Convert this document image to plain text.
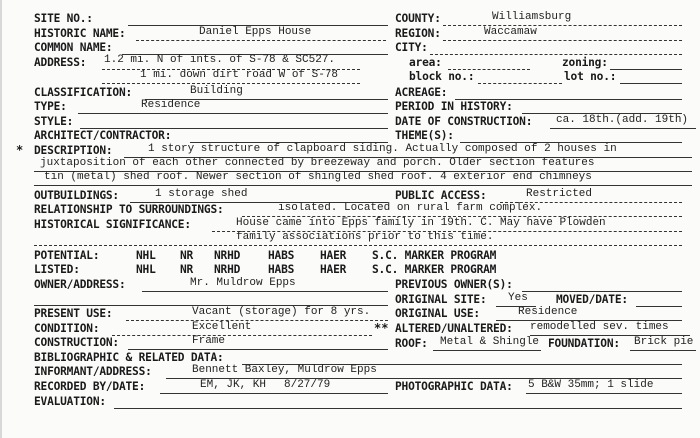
SITE NO.:
HISTORIC NAME:	Daniel Epps House
COMMON NAME:
ADDRESS: 1.2 mi. N of ints. of S-78 & SC527.
1 mi. down dirt road W of S-78
CLASSIFICATION:	Building
TYPE:	Residence
STYLE:
ARCHITECT/CONTRACTOR:
COUNTY:	Williamsburg
REGION:	Waccamaw
CITY:
area:	zoning:
block no.:	lot no.:
ACREAGE:
PERIOD IN HISTORY:
DATE OF CONSTRUCTION: ca. 18th.(add. 19th)
THEME(S):
* DESCRIPTION:	1 story structure of clapboard siding. Actually composed of 2 houses in
juxtaposition of each other connected by breezeway and porch. Older section features
tin (metal) shed roof. Newer section of shingled shed roof. 4 exterior end chimneys
OUTBUILDINGS:	1 storage shed	PUBLIC ACCESS:	Restricted
RELATIONSHIP TO SURROUNDINGS:	isolated. Located on rural farm complex.
HISTORICAL SIGNIFICANCE:	House came into Epps family in 19th. C. May have Plowden
family associations prior to this time.
POTENTIAL:	NHL NR NRHD HABS HAER S.C. MARKER PROGRAM
LISTED:	NHL NR NRHD HABS HAER S.C. MARKER PROGRAM
OWNER/ADDRESS:	Mr. Muldrow Epps	PREVIOUS OWNER(S):
ORIGINAL SITE: Yes	MOVED/DATE:
PRESENT USE:	Vacant (storage) for 8 yrs. ORIGINAL USE:	Residence
CONDITION:	Excellent	** ALTERED/UNALTERED: remodelled sev. times
CONSTRUCTION:	Frame	ROOF: Metal & Shingle FOUNDATION: Brick pie
BIBLIOGRAPHIC & RELATED DATA:
INFORMANT/ADDRESS:	Bennett Baxley, Muldrow Epps
RECORDED BY/DATE:	EM, JK, KH 8/27/79	PHOTOGRAPHIC DATA: 5 B&W 35mm; 1 slide
EVALUATION:
